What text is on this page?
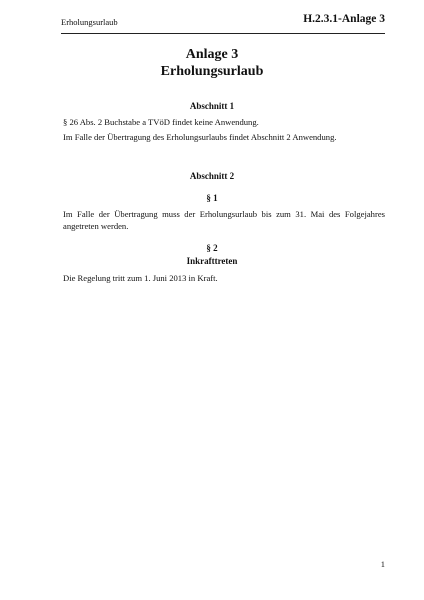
Erholungsurlaub	H.2.3.1-Anlage 3
Anlage 3
Erholungsurlaub
Abschnitt 1
§ 26 Abs. 2 Buchstabe a TVöD findet keine Anwendung.
Im Falle der Übertragung des Erholungsurlaubs findet Abschnitt 2 Anwendung.
Abschnitt 2
§ 1
Im Falle der Übertragung muss der Erholungsurlaub bis zum 31. Mai des Folgejahres angetreten werden.
§ 2
Inkrafttreten
Die Regelung tritt zum 1. Juni 2013 in Kraft.
1
